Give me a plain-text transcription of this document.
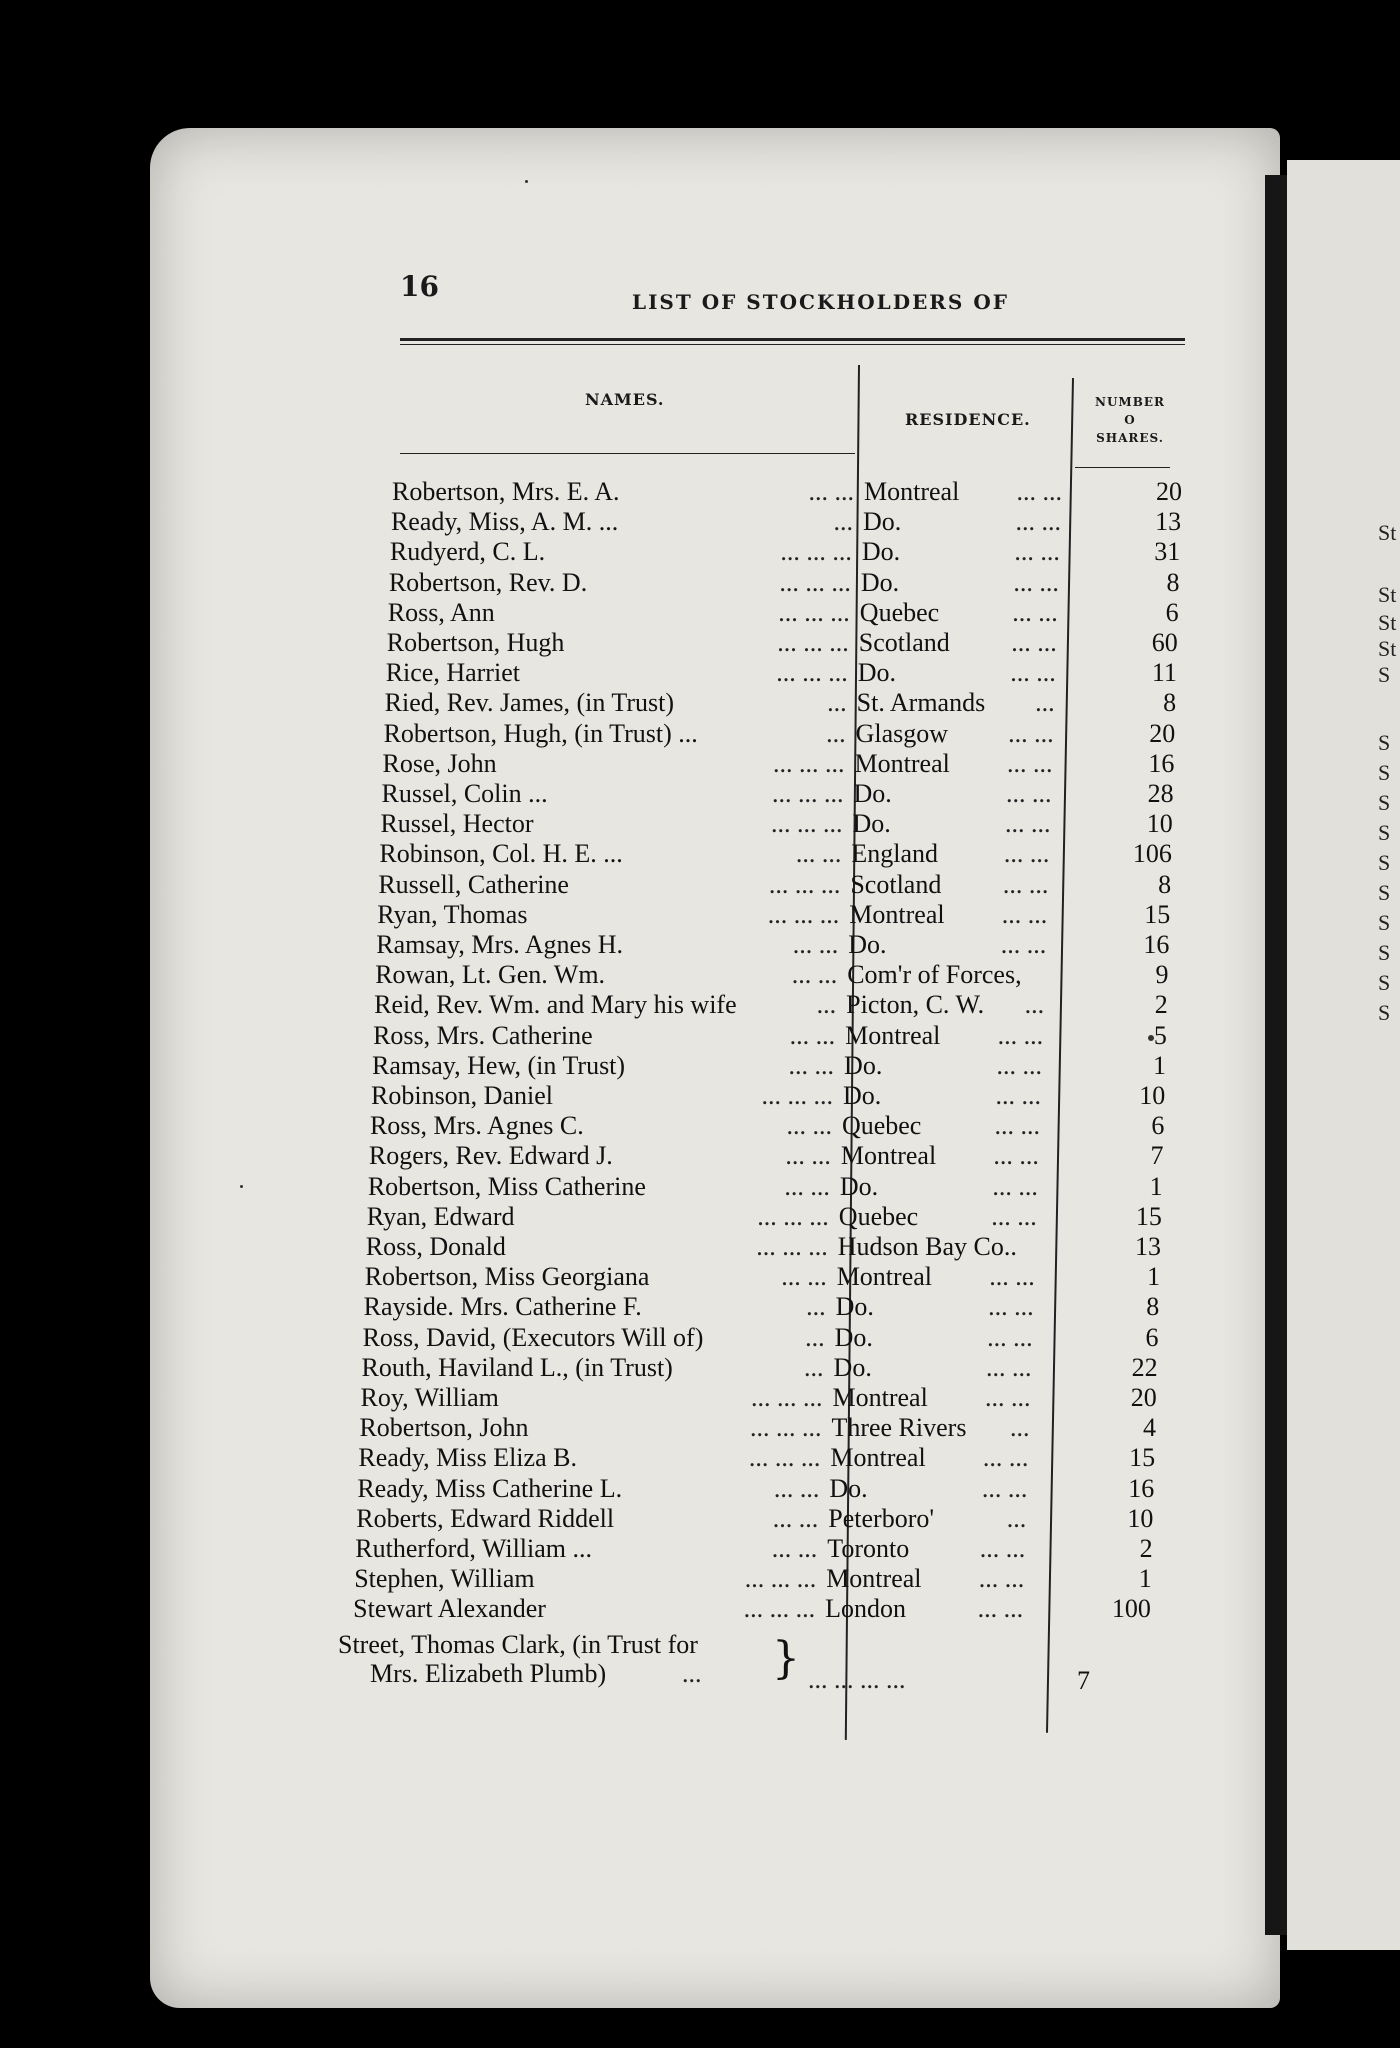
St
St
St
St
S
S
S
S
S
S
S
S
S
S
S
16	LIST OF STOCKHOLDERS OF
NAMES.
RESIDENCE.
NUMBER
O
SHARES.
Robertson, Mrs. E. A.	... ... Montreal	... ...	20
Ready, Miss, A. M. ...	... Do.	... ...	13
Rudyerd, C. L.	... ... ... Do.	... ...	31
Robertson, Rev. D.	... ... ... Do.	... ...	8
Ross, Ann	... ... ... Quebec	... ...	6
Robertson, Hugh	... ... ... Scotland	... ...	60
Rice, Harriet	... ... ... Do.	... ...	11
Ried, Rev. James, (in Trust)	... St. Armands	...	8
Robertson, Hugh, (in Trust) ...	... Glasgow	... ...	20
Rose, John	... ... ... Montreal	... ...	16
Russel, Colin ...	... ... ... Do.	... ...	28
Russel, Hector	... ... ... Do.	... ...	10
Robinson, Col. H. E. ...	... ... England	... ...	106
Russell, Catherine	... ... ... Scotland	... ...	8
Ryan, Thomas	... ... ... Montreal	... ...	15
Ramsay, Mrs. Agnes H.	... ... Do.	... ...	16
Rowan, Lt. Gen. Wm.	... ... Com'r of Forces,	9
Reid, Rev. Wm. and Mary his wife	... Picton, C. W.	...	2
Ross, Mrs. Catherine	... ... Montreal	... ...	5
Ramsay, Hew, (in Trust)	... ... Do.	... ...	1
Robinson, Daniel	... ... ... Do.	... ...	10
Ross, Mrs. Agnes C.	... ... Quebec	... ...	6
Rogers, Rev. Edward J.	... ... Montreal	... ...	7
Robertson, Miss Catherine	... ... Do.	... ...	1
Ryan, Edward	... ... ... Quebec	... ...	15
Ross, Donald	... ... ... Hudson Bay Co..	13
Robertson, Miss Georgiana	... ... Montreal	... ...	1
Rayside. Mrs. Catherine F.	... Do.	... ...	8
Ross, David, (Executors Will of)	... Do.	... ...	6
Routh, Haviland L., (in Trust)	... Do.	... ...	22
Roy, William	... ... ... Montreal	... ...	20
Robertson, John	... ... ... Three Rivers	...	4
Ready, Miss Eliza B.	... ... ... Montreal	... ...	15
Ready, Miss Catherine L.	... ... Do.	... ...	16
Roberts, Edward Riddell	... ... Peterboro'	...	10
Rutherford, William ...	... ... Toronto	... ...	2
Stephen, William	... ... ... Montreal	... ...	1
Stewart Alexander	... ... ... London	... ...	100
Street, Thomas Clark, (in Trust for
Mrs. Elizabeth Plumb)	... } ... ... ... ...	7
